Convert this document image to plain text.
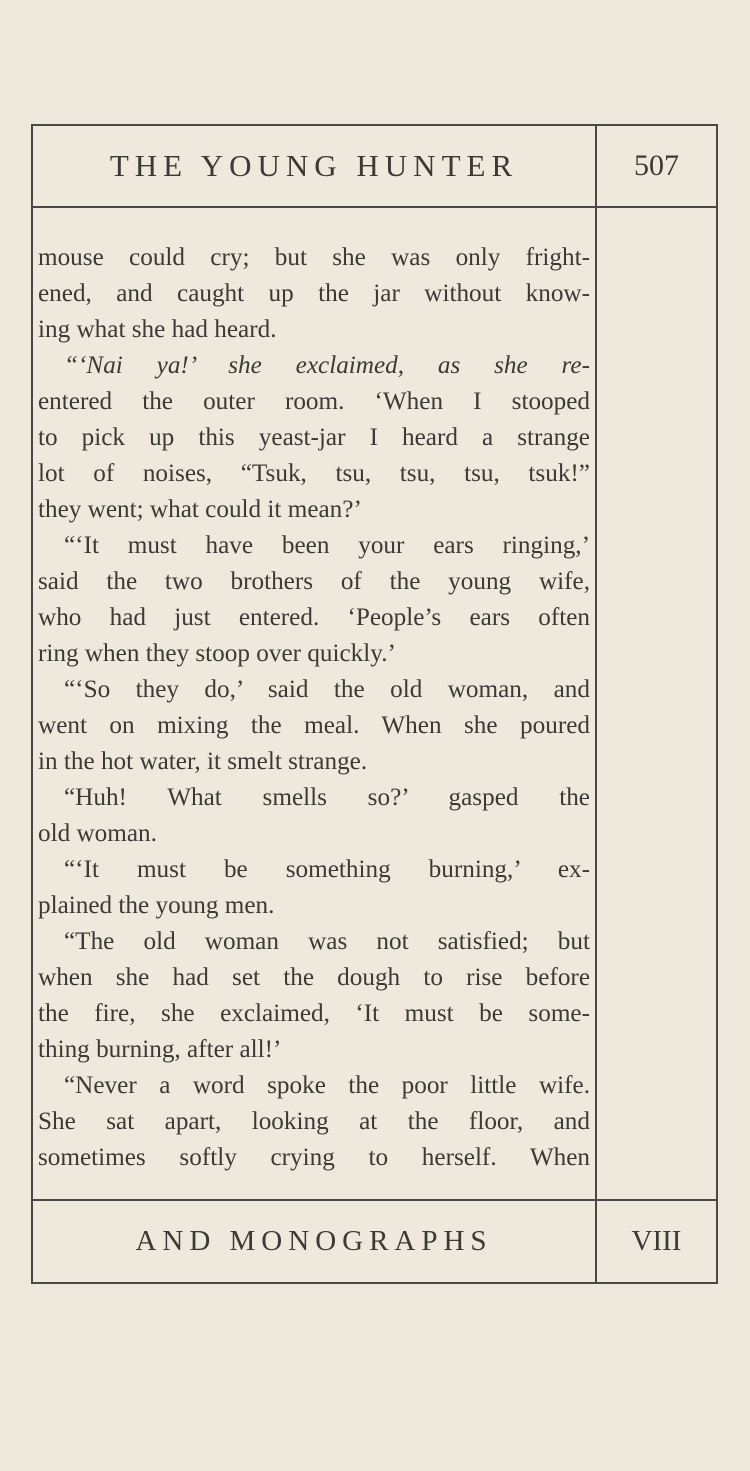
THE YOUNG HUNTER	507
mouse could cry; but she was only fright-
ened, and caught up the jar without know-
ing what she had heard.
“‘Nai ya!’ she exclaimed, as she re-
entered the outer room. ‘When I stooped
to pick up this yeast-jar I heard a strange
lot of noises, “Tsuk, tsu, tsu, tsu, tsuk!”
they went; what could it mean?’
“‘It must have been your ears ringing,’
said the two brothers of the young wife,
who had just entered. ‘People’s ears often
ring when they stoop over quickly.’
“‘So they do,’ said the old woman, and
went on mixing the meal. When she poured
in the hot water, it smelt strange.
“Huh! What smells so?’ gasped the
old woman.
“‘It must be something burning,’ ex-
plained the young men.
“The old woman was not satisfied; but
when she had set the dough to rise before
the fire, she exclaimed, ‘It must be some-
thing burning, after all!’
“Never a word spoke the poor little wife.
She sat apart, looking at the floor, and
sometimes softly crying to herself. When
AND MONOGRAPHS	VIII
